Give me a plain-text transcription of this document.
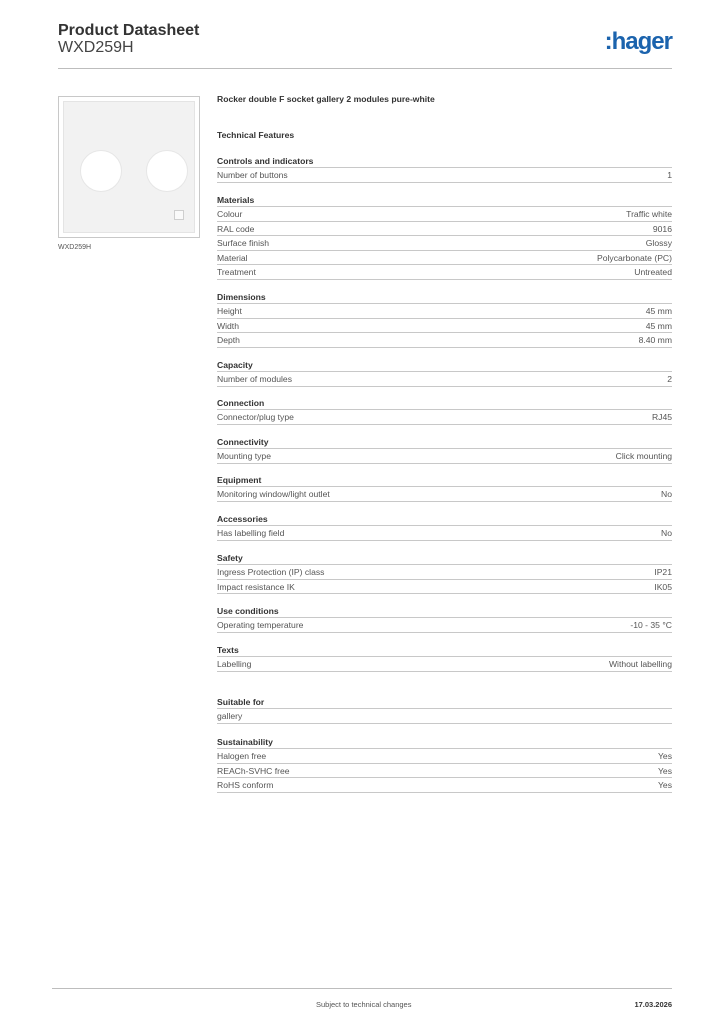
Product Datasheet
WXD259H	:hager
WXD259H
Rocker double F socket gallery 2 modules pure-white
Technical Features
Controls and indicators
Number of buttons	1
Materials
Colour	Traffic white
RAL code	9016
Surface finish	Glossy
Material	Polycarbonate (PC)
Treatment	Untreated
Dimensions
Height	45 mm
Width	45 mm
Depth	8.40 mm
Capacity
Number of modules	2
Connection
Connector/plug type	RJ45
Connectivity
Mounting type	Click mounting
Equipment
Monitoring window/light outlet	No
Accessories
Has labelling field	No
Safety
Ingress Protection (IP) class	IP21
Impact resistance IK	IK05
Use conditions
Operating temperature	-10 - 35 °C
Texts
Labelling	Without labelling
Suitable for
gallery
Sustainability
Halogen free	Yes
REACh-SVHC free	Yes
RoHS conform	Yes
Subject to technical changes	17.03.2026
